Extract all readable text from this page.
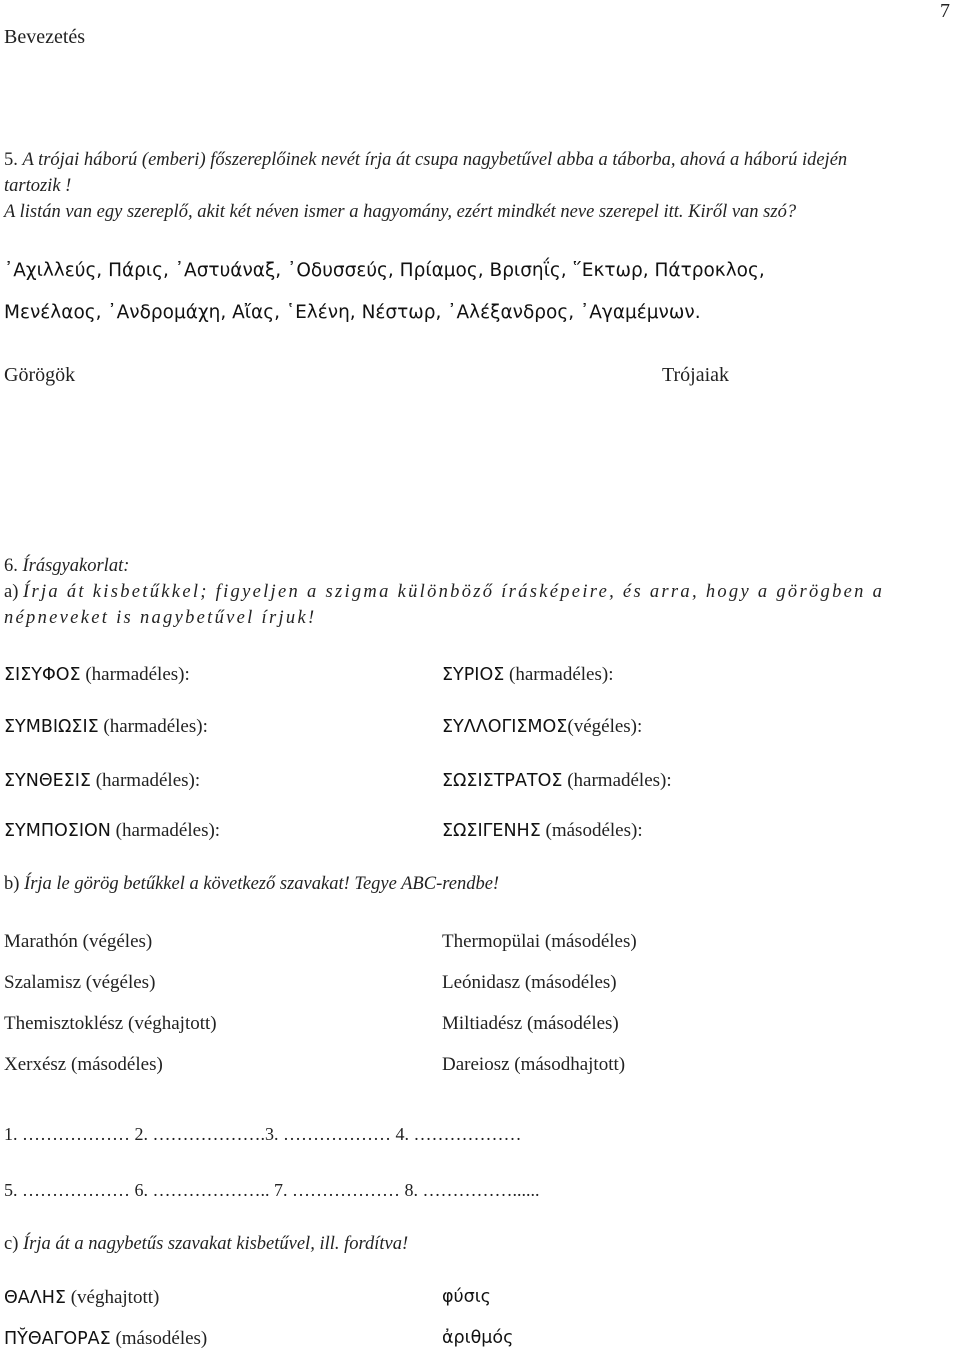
Bevezetés
7
5. A trójai háború (emberi) főszereplőinek nevét írja át csupa nagybetűvel abba a táborba, ahová a háború idején
tartozik !
A listán van egy szereplő, akit két néven ismer a hagyomány, ezért mindkét neve szerepel itt. Kiről van szó?
᾿Αχιλλεύς, Πάρις, ᾿Αστυάναξ, ᾿Οδυσσεύς, Πρίαμος, Βρισηΐς, ῞Εκτωρ, Πάτροκλος,
Μενέλαος, ᾿Ανδρομάχη, Αἴας, ῾Ελένη, Νέστωρ, ᾿Αλέξανδρος, ᾿Αγαμέμνων.
Görögök	Trójaiak
6. Írásgyakorlat:
a) Írja át kisbetűkkel; figyeljen a szigma különböző írásképeire, és arra, hogy a görögben a
népneveket is nagybetűvel írjuk!
ΣΙΣΥΦΟΣ (harmadéles):
ΣΥΜΒΙΩΣΙΣ (harmadéles):
ΣΥΝΘΕΣΙΣ (harmadéles):
ΣΥΜΠΟΣΙΟΝ (harmadéles):
ΣΥΡΙΟΣ (harmadéles):
ΣΥΛΛΟΓΙΣΜΟΣ(végéles):
ΣΩΣΙΣΤΡΑΤΟΣ (harmadéles):
ΣΩΣΙΓΕΝΗΣ (másodéles):
b) Írja le görög betűkkel a következő szavakat! Tegye ABC-rendbe!
Marathón (végéles)
Szalamisz (végéles)
Themisztoklész (véghajtott)
Xerxész (másodéles)
Thermopülai (másodéles)
Leónidasz (másodéles)
Miltiadész (másodéles)
Dareiosz (másodhajtott)
1. ……………… 2. ……………….3. ……………… 4. ………………
5. ……………… 6. ……………….. 7. ……………… 8. ……………......
c) Írja át a nagybetűs szavakat kisbetűvel, ill. fordítva!
ΘΑΛΗΣ (véghajtott)
ΠῨΘΑΓΟΡΑΣ (másodéles)
φύσις
ἀριθμός
